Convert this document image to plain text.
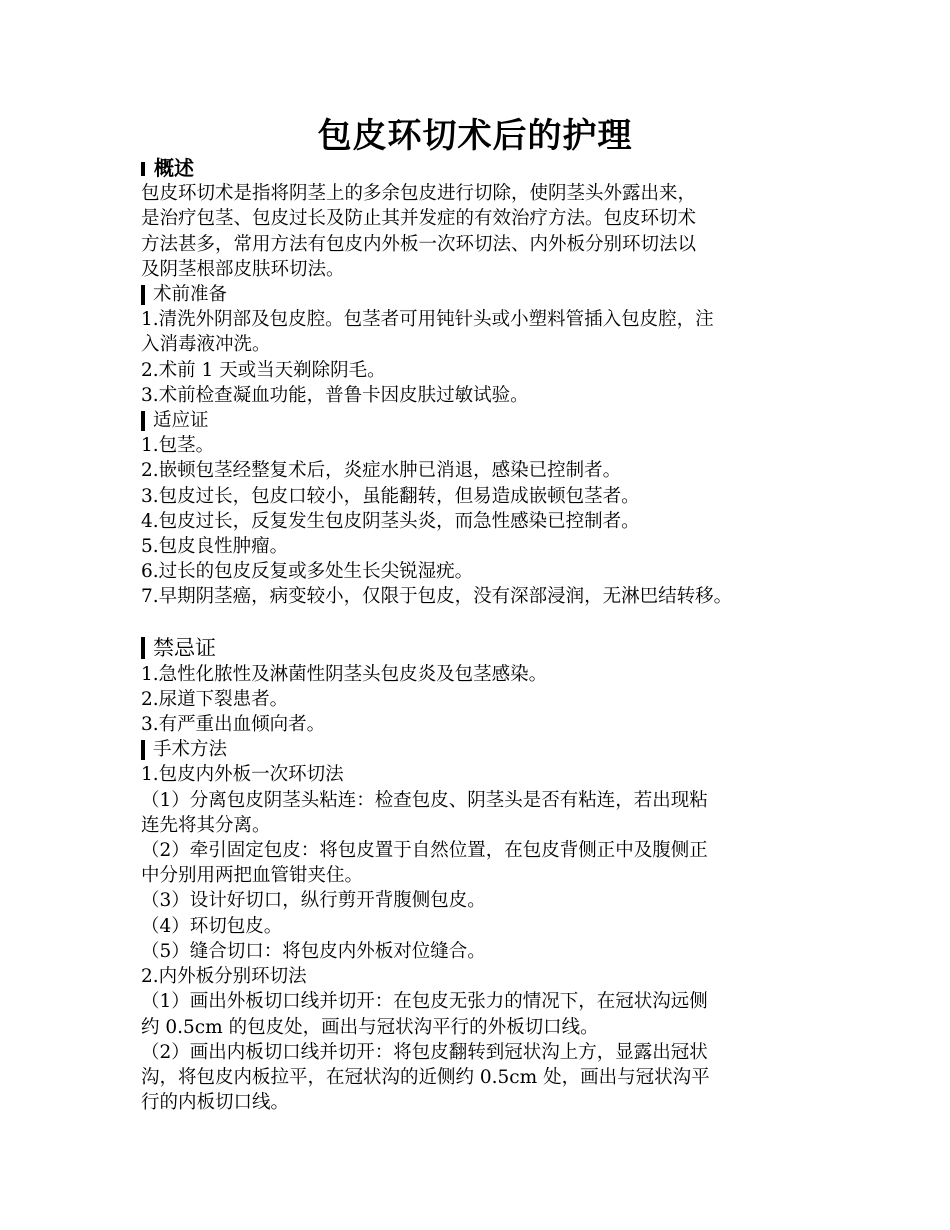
包皮环切术后的护理
概述

包皮环切术是指将阴茎上的多余包皮进行切除，使阴茎头外露出来，

是治疗包茎、包皮过长及防止其并发症的有效治疗方法。包皮环切术

方法甚多，常用方法有包皮内外板一次环切法、内外板分别环切法以

及阴茎根部皮肤环切法。

术前准备

1.清洗外阴部及包皮腔。包茎者可用钝针头或小塑料管插入包皮腔，注

入消毒液冲洗。

2.术前 1 天或当天剃除阴毛。

3.术前检查凝血功能，普鲁卡因皮肤过敏试验。

适应证

1.包茎。

2.嵌顿包茎经整复术后，炎症水肿已消退，感染已控制者。

3.包皮过长，包皮口较小，虽能翻转，但易造成嵌顿包茎者。

4.包皮过长，反复发生包皮阴茎头炎，而急性感染已控制者。

5.包皮良性肿瘤。

6.过长的包皮反复或多处生长尖锐湿疣。

7.早期阴茎癌，病变较小，仅限于包皮，没有深部浸润，无淋巴结转移。

禁忌证

1.急性化脓性及淋菌性阴茎头包皮炎及包茎感染。

2.尿道下裂患者。

3.有严重出血倾向者。

手术方法

1.包皮内外板一次环切法

（1）分离包皮阴茎头粘连：检查包皮、阴茎头是否有粘连，若出现粘

连先将其分离。

（2）牵引固定包皮：将包皮置于自然位置，在包皮背侧正中及腹侧正

中分别用两把血管钳夹住。

（3）设计好切口，纵行剪开背腹侧包皮。

（4）环切包皮。

（5）缝合切口：将包皮内外板对位缝合。

2.内外板分别环切法

（1）画出外板切口线并切开：在包皮无张力的情况下，在冠状沟远侧

约 0.5cm 的包皮处，画出与冠状沟平行的外板切口线。

（2）画出内板切口线并切开：将包皮翻转到冠状沟上方，显露出冠状

沟，将包皮内板拉平，在冠状沟的近侧约 0.5cm 处，画出与冠状沟平

行的内板切口线。
